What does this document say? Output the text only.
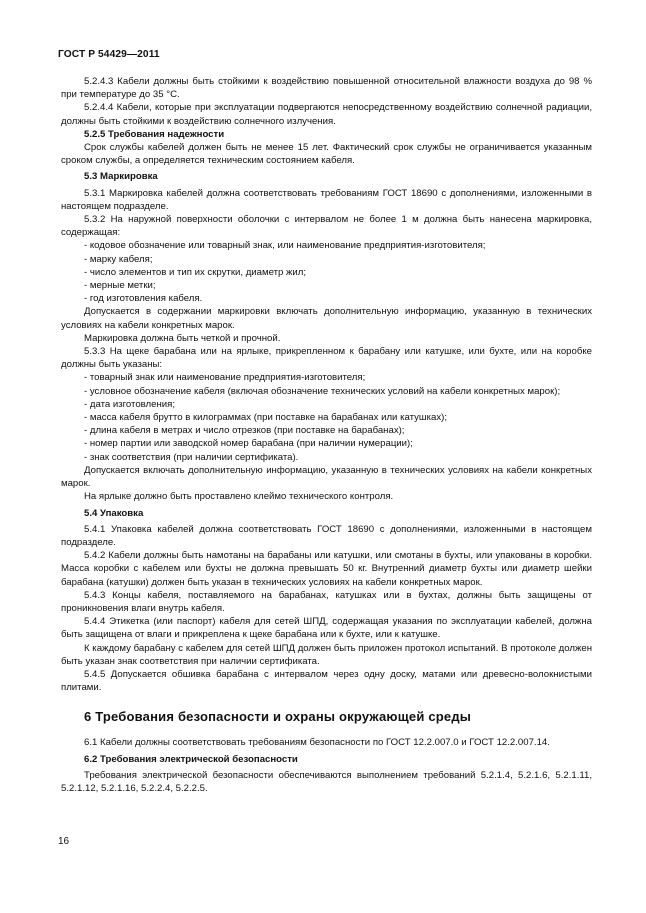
ГОСТ Р 54429—2011

5.2.4.3 Кабели должны быть стойкими к воздействию повышенной относительной влажности воздуха до 98 % при температуре до 35 °С.

5.2.4.4 Кабели, которые при эксплуатации подвергаются непосредственному воздействию солнечной радиации, должны быть стойкими к воздействию солнечного излучения.

5.2.5 Требования надежности

Срок службы кабелей должен быть не менее 15 лет. Фактический срок службы не ограничивается указанным сроком службы, а определяется техническим состоянием кабеля.

5.3 Маркировка

5.3.1 Маркировка кабелей должна соответствовать требованиям ГОСТ 18690 с дополнениями, изложенными в настоящем подразделе.

5.3.2 На наружной поверхности оболочки с интервалом не более 1 м должна быть нанесена маркировка, содержащая:

- кодовое обозначение или товарный знак, или наименование предприятия-изготовителя;

- марку кабеля;

- число элементов и тип их скрутки, диаметр жил;

- мерные метки;

- год изготовления кабеля.

Допускается в содержании маркировки включать дополнительную информацию, указанную в технических условиях на кабели конкретных марок.

Маркировка должна быть четкой и прочной.

5.3.3 На щеке барабана или на ярлыке, прикрепленном к барабану или катушке, или бухте, или на коробке должны быть указаны:

- товарный знак или наименование предприятия-изготовителя;

- условное обозначение кабеля (включая обозначение технических условий на кабели конкретных марок);

- дата изготовления;

- масса кабеля брутто в килограммах (при поставке на барабанах или катушках);

- длина кабеля в метрах и число отрезков (при поставке на барабанах);

- номер партии или заводской номер барабана (при наличии нумерации);

- знак соответствия (при наличии сертификата).

Допускается включать дополнительную информацию, указанную в технических условиях на кабели конкретных марок.

На ярлыке должно быть проставлено клеймо технического контроля.

5.4 Упаковка

5.4.1 Упаковка кабелей должна соответствовать ГОСТ 18690 с дополнениями, изложенными в настоящем подразделе.

5.4.2 Кабели должны быть намотаны на барабаны или катушки, или смотаны в бухты, или упакованы в коробки. Масса коробки с кабелем или бухты не должна превышать 50 кг. Внутренний диаметр бухты или диаметр шейки барабана (катушки) должен быть указан в технических условиях на кабели конкретных марок.

5.4.3 Концы кабеля, поставляемого на барабанах, катушках или в бухтах, должны быть защищены от проникновения влаги внутрь кабеля.

5.4.4 Этикетка (или паспорт) кабеля для сетей ШПД, содержащая указания по эксплуатации кабелей, должна быть защищена от влаги и прикреплена к щеке барабана или к бухте, или к катушке.

К каждому барабану с кабелем для сетей ШПД должен быть приложен протокол испытаний. В протоколе должен быть указан знак соответствия при наличии сертификата.

5.4.5 Допускается обшивка барабана с интервалом через одну доску, матами или древесно-волокнистыми плитами.

6 Требования безопасности и охраны окружающей среды

6.1 Кабели должны соответствовать требованиям безопасности по ГОСТ 12.2.007.0 и ГОСТ 12.2.007.14.

6.2 Требования электрической безопасности

Требования электрической безопасности обеспечиваются выполнением требований 5.2.1.4, 5.2.1.6, 5.2.1.11, 5.2.1.12, 5.2.1.16, 5.2.2.4, 5.2.2.5.

16
